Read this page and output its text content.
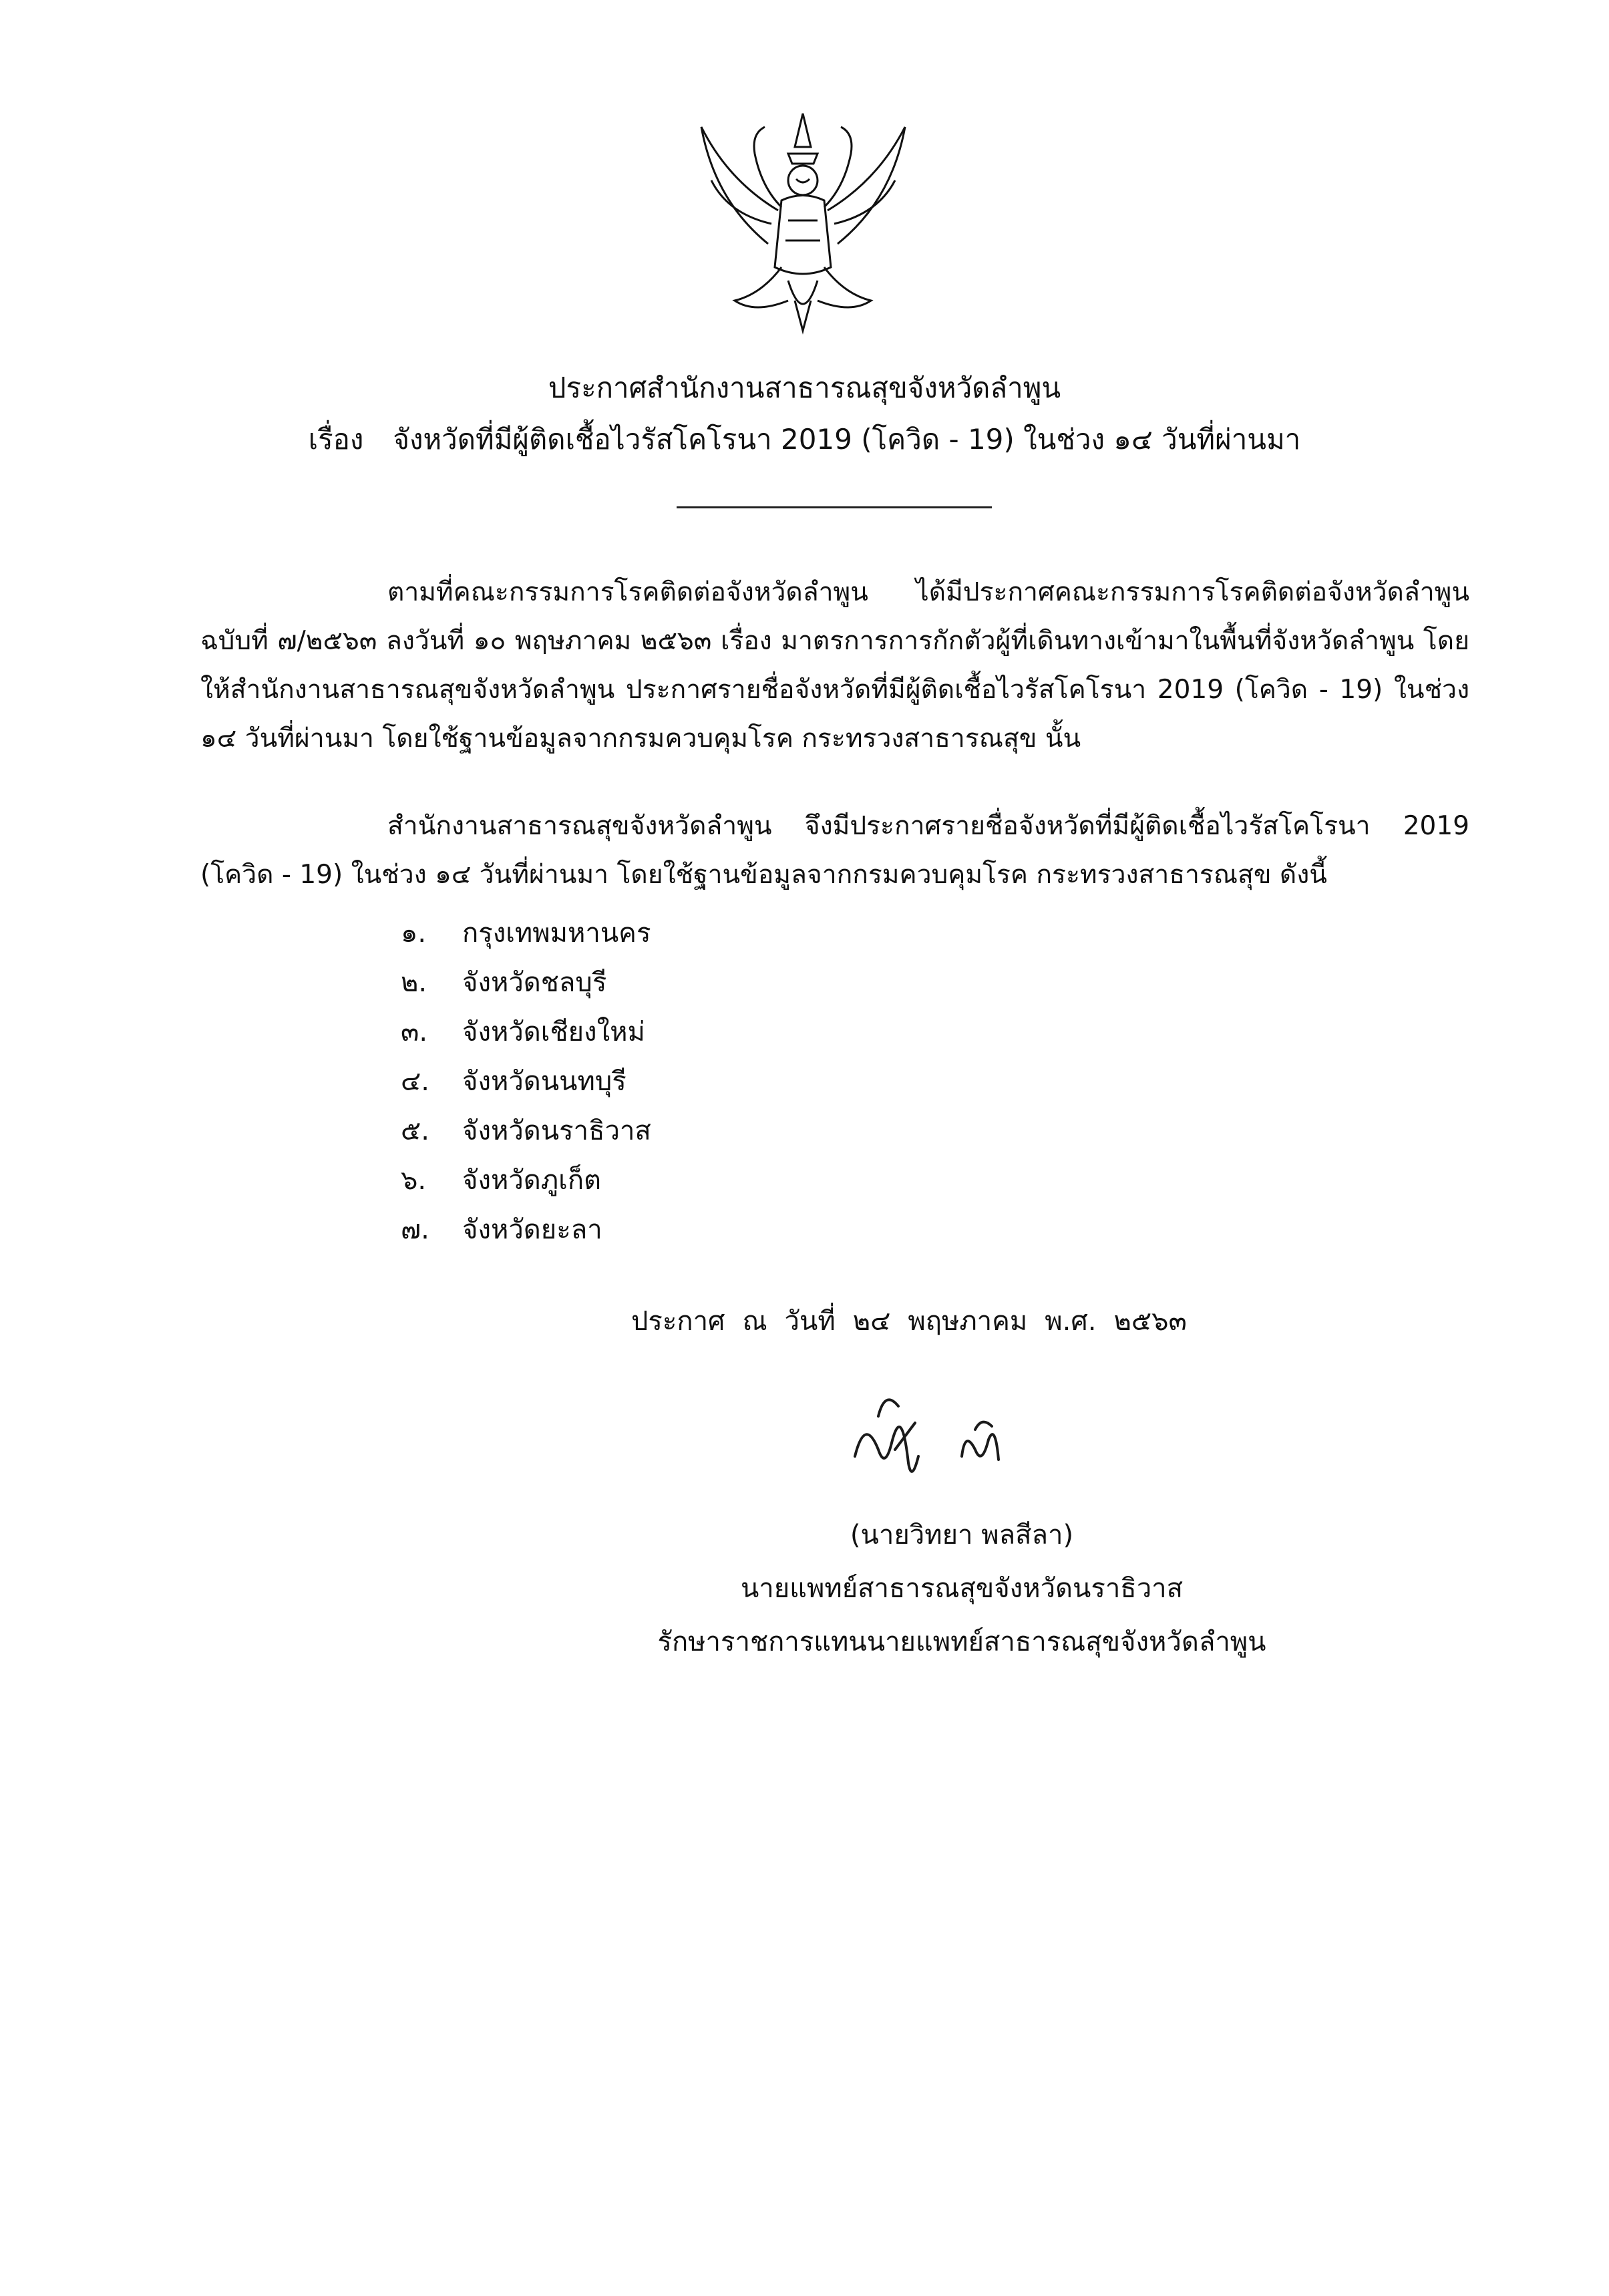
ประกาศสำนักงานสาธารณสุขจังหวัดลำพูน
เรื่อง จังหวัดที่มีผู้ติดเชื้อไวรัสโคโรนา 2019 (โควิด - 19) ในช่วง ๑๔ วันที่ผ่านมา
ตามที่คณะกรรมการโรคติดต่อจังหวัดลำพูน ได้มีประกาศคณะกรรมการโรคติดต่อจังหวัดลำพูน ฉบับที่ ๗/๒๕๖๓ ลงวันที่ ๑๐ พฤษภาคม ๒๕๖๓ เรื่อง มาตรการการกักตัวผู้ที่เดินทางเข้ามาในพื้นที่จังหวัดลำพูน โดยให้สำนักงานสาธารณสุขจังหวัดลำพูน ประกาศรายชื่อจังหวัดที่มีผู้ติดเชื้อไวรัสโคโรนา 2019 (โควิด - 19) ในช่วง ๑๔ วันที่ผ่านมา โดยใช้ฐานข้อมูลจากกรมควบคุมโรค กระทรวงสาธารณสุข นั้น
สำนักงานสาธารณสุขจังหวัดลำพูน จึงมีประกาศรายชื่อจังหวัดที่มีผู้ติดเชื้อไวรัสโคโรนา 2019 (โควิด - 19) ในช่วง ๑๔ วันที่ผ่านมา โดยใช้ฐานข้อมูลจากกรมควบคุมโรค กระทรวงสาธารณสุข ดังนี้
๑. กรุงเทพมหานคร
๒. จังหวัดชลบุรี
๓. จังหวัดเชียงใหม่
๔. จังหวัดนนทบุรี
๕. จังหวัดนราธิวาส
๖. จังหวัดภูเก็ต
๗. จังหวัดยะลา
ประกาศ ณ วันที่ ๒๔ พฤษภาคม พ.ศ. ๒๕๖๓
(นายวิทยา พลสีลา)
นายแพทย์สาธารณสุขจังหวัดนราธิวาส
รักษาราชการแทนนายแพทย์สาธารณสุขจังหวัดลำพูน
